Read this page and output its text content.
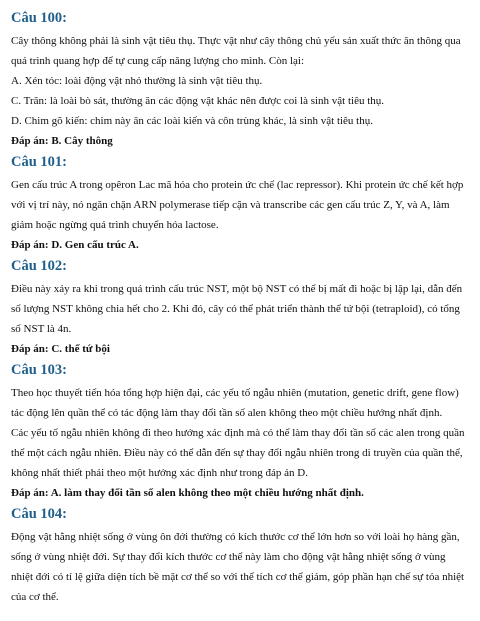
Câu 100:

Cây thông không phải là sinh vật tiêu thụ. Thực vật như cây thông chủ yếu sản xuất thức ăn thông qua quá trình quang hợp để tự cung cấp năng lượng cho mình. Còn lại:

A. Xén tóc: loài động vật nhỏ thường là sinh vật tiêu thụ.

C. Trăn: là loài bò sát, thường ăn các động vật khác nên được coi là sinh vật tiêu thụ.

D. Chim gõ kiến: chim này ăn các loài kiến và côn trùng khác, là sinh vật tiêu thụ.

Đáp án: B. Cây thông

Câu 101:

Gen cấu trúc A trong opêron Lac mã hóa cho protein ức chế (lac repressor). Khi protein ức chế kết hợp với vị trí này, nó ngăn chặn ARN polymerase tiếp cận và transcribe các gen cấu trúc Z, Y, và A, làm giảm hoặc ngừng quá trình chuyển hóa lactose.

Đáp án: D. Gen cấu trúc A.

Câu 102:

Điều này xảy ra khi trong quá trình cấu trúc NST, một bộ NST có thể bị mất đi hoặc bị lặp lại, dẫn đến số lượng NST không chia hết cho 2. Khi đó, cây có thể phát triển thành thể tứ bội (tetraploid), có tổng số NST là 4n.

Đáp án: C. thể tứ bội

Câu 103:

Theo học thuyết tiến hóa tổng hợp hiện đại, các yếu tố ngẫu nhiên (mutation, genetic drift, gene flow) tác động lên quần thể có tác động làm thay đổi tần số alen không theo một chiều hướng nhất định.

Các yếu tố ngẫu nhiên không đi theo hướng xác định mà có thể làm thay đổi tần số các alen trong quần thể một cách ngẫu nhiên. Điều này có thể dẫn đến sự thay đổi ngẫu nhiên trong di truyền của quần thể, không nhất thiết phải theo một hướng xác định như trong đáp án D.

Đáp án: A. làm thay đổi tần số alen không theo một chiều hướng nhất định.

Câu 104:

Động vật hằng nhiệt sống ở vùng ôn đới thường có kích thước cơ thể lớn hơn so với loài họ hàng gần, sống ở vùng nhiệt đới. Sự thay đổi kích thước cơ thể này làm cho động vật hằng nhiệt sống ở vùng nhiệt đới có tỉ lệ giữa diện tích bề mặt cơ thể so với thể tích cơ thể giảm, góp phần hạn chế sự tỏa nhiệt của cơ thể.
